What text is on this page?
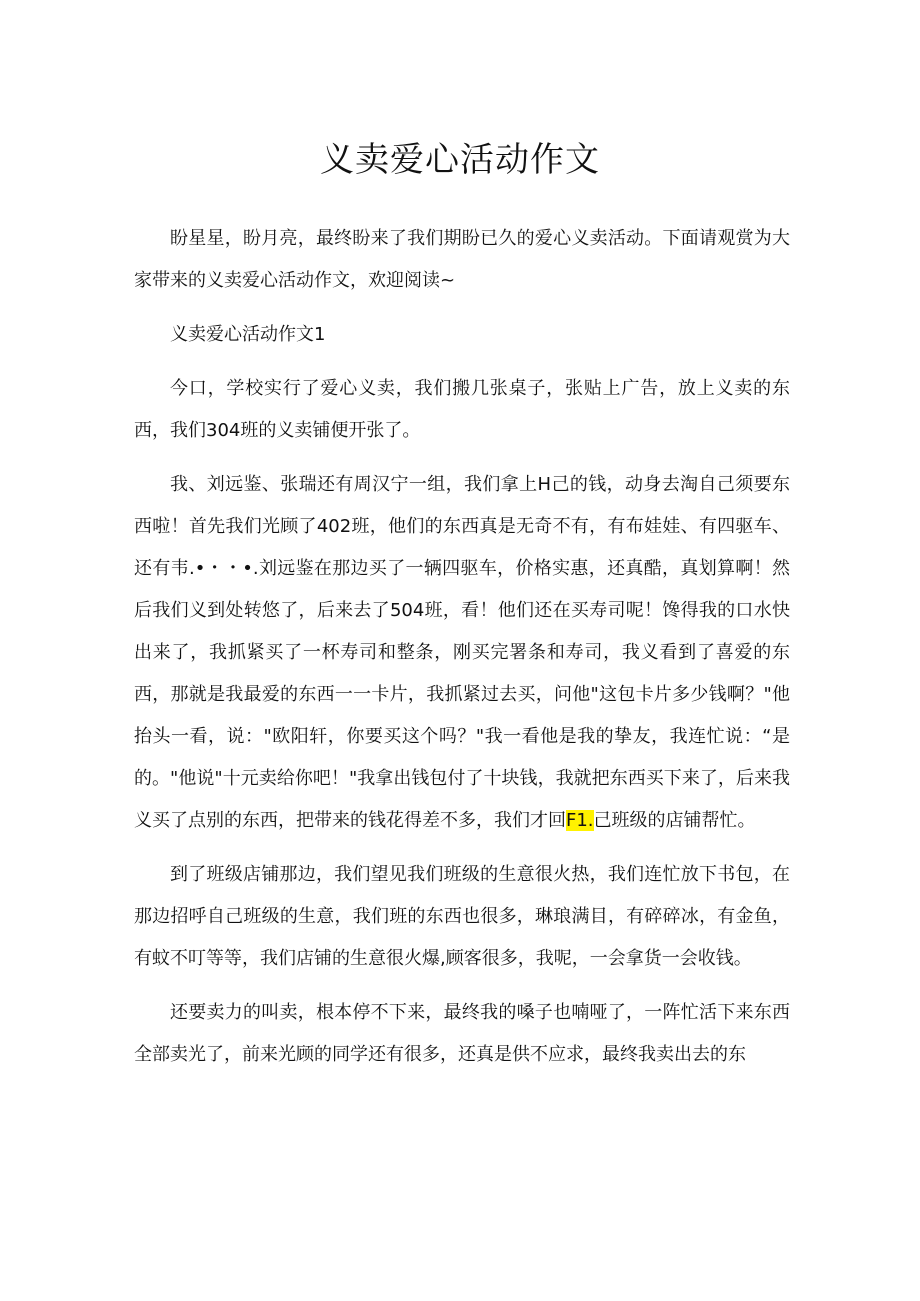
义卖爱心活动作文

盼星星，盼月亮，最终盼来了我们期盼已久的爱心义卖活动。下面请观赏为大家带来的义卖爱心活动作文，欢迎阅读~

义卖爱心活动作文1

今口，学校实行了爱心义卖，我们搬几张桌子，张贴上广告，放上义卖的东西，我们304班的义卖铺便开张了。

我、刘远鉴、张瑞还有周汉宁一组，我们拿上H己的钱，动身去淘自己须要东西啦！首先我们光顾了402班，他们的东西真是无奇不有，有布娃娃、有四驱车、还有韦.•・・•.刘远鉴在那边买了一辆四驱车，价格实惠，还真酷，真划算啊！然后我们义到处转悠了，后来去了504班，看！他们还在买寿司呢！馋得我的口水快出来了，我抓紧买了一杯寿司和整条，刚买完署条和寿司，我义看到了喜爱的东西，那就是我最爱的东西一一卡片，我抓紧过去买，问他"这包卡片多少钱啊？"他抬头一看，说："欧阳轩，你要买这个吗？"我一看他是我的挚友，我连忙说：“是的。"他说"十元卖给你吧！"我拿出钱包付了十块钱，我就把东西买下来了，后来我义买了点别的东西，把带来的钱花得差不多，我们才回F1.己班级的店铺帮忙。

到了班级店铺那边，我们望见我们班级的生意很火热，我们连忙放下书包，在那边招呼自己班级的生意，我们班的东西也很多，琳琅满目，有碎碎冰，有金鱼，有蚊不叮等等，我们店铺的生意很火爆,顾客很多，我呢，一会拿货一会收钱。

还要卖力的叫卖，根本停不下来，最终我的嗓子也喃哑了，一阵忙活下来东西全部卖光了，前来光顾的同学还有很多，还真是供不应求，最终我卖出去的东
